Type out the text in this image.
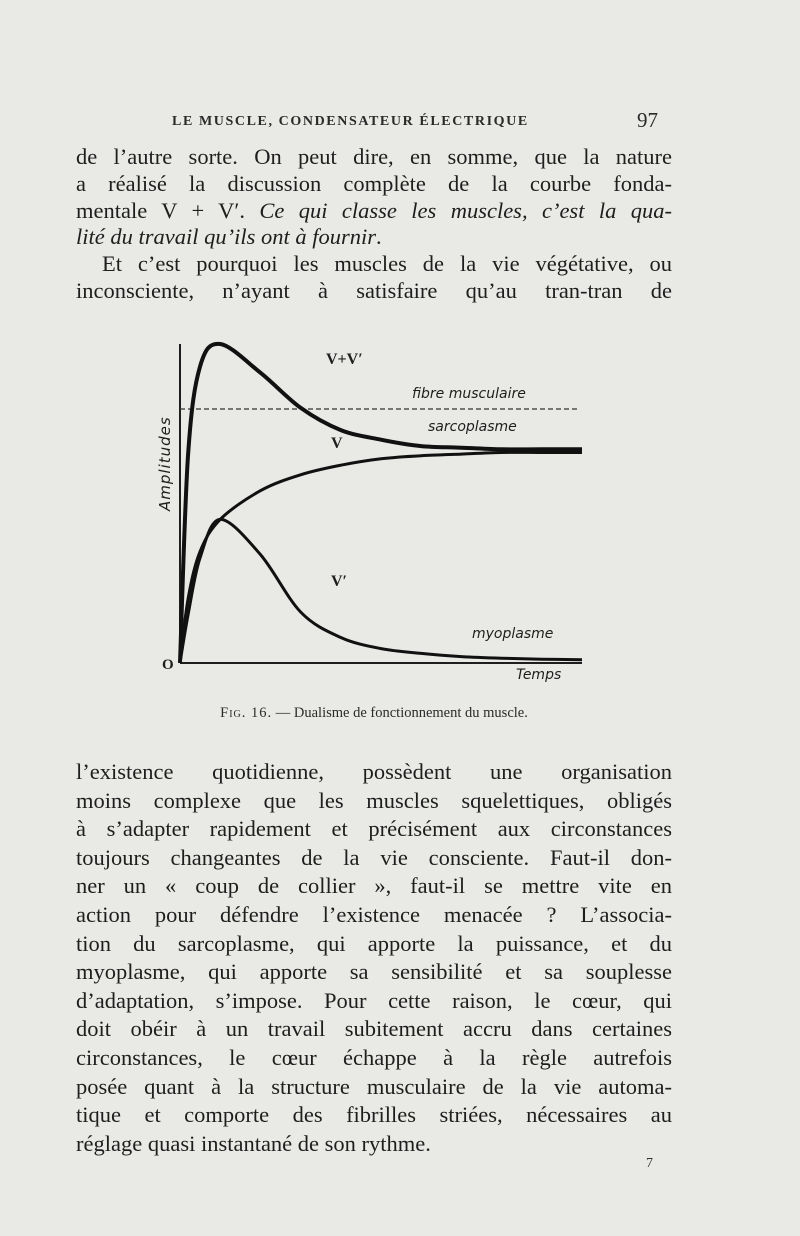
LE MUSCLE, CONDENSATEUR ÉLECTRIQUE	97
de l’autre sorte. On peut dire, en somme, que la nature
a réalisé la discussion complète de la courbe fonda-
mentale V + V′. Ce qui classe les muscles, c’est la qua-
lité du travail qu’ils ont à fournir.
Et c’est pourquoi les muscles de la vie végétative, ou
inconsciente, n’ayant à satisfaire qu’au tran-tran de
Amplitudes
Temps
O
V+V′
fibre musculaire
sarcoplasme
V
V′
myoplasme
Fig. 16. — Dualisme de fonctionnement du muscle.
l’existence quotidienne, possèdent une organisation
moins complexe que les muscles squelettiques, obligés
à s’adapter rapidement et précisément aux circonstances
toujours changeantes de la vie consciente. Faut-il don-
ner un « coup de collier », faut-il se mettre vite en
action pour défendre l’existence menacée ? L’associa-
tion du sarcoplasme, qui apporte la puissance, et du
myoplasme, qui apporte sa sensibilité et sa souplesse
d’adaptation, s’impose. Pour cette raison, le cœur, qui
doit obéir à un travail subitement accru dans certaines
circonstances, le cœur échappe à la règle autrefois
posée quant à la structure musculaire de la vie automa-
tique et comporte des fibrilles striées, nécessaires au
réglage quasi instantané de son rythme.
7
